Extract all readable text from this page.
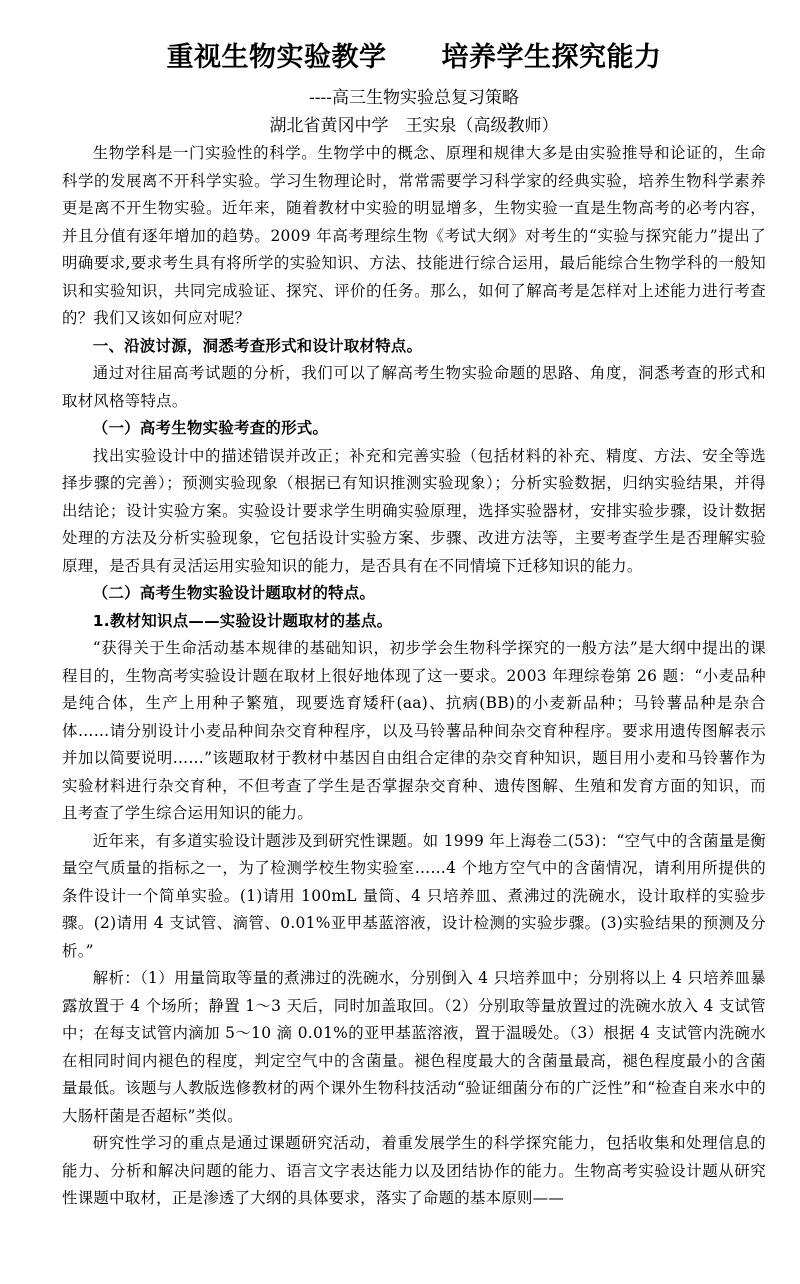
重视生物实验教学　　培养学生探究能力

----高三生物实验总复习策略

湖北省黄冈中学　王实泉（高级教师）

生物学科是一门实验性的科学。生物学中的概念、原理和规律大多是由实验推导和论证的，生命科学的发展离不开科学实验。学习生物理论时，常常需要学习科学家的经典实验，培养生物科学素养更是离不开生物实验。近年来，随着教材中实验的明显增多，生物实验一直是生物高考的必考内容，并且分值有逐年增加的趋势。2009 年高考理综生物《考试大纲》对考生的“实验与探究能力”提出了明确要求,要求考生具有将所学的实验知识、方法、技能进行综合运用，最后能综合生物学科的一般知识和实验知识，共同完成验证、探究、评价的任务。那么，如何了解高考是怎样对上述能力进行考查的？我们又该如何应对呢？

一、沿波讨源，洞悉考查形式和设计取材特点。

通过对往届高考试题的分析，我们可以了解高考生物实验命题的思路、角度，洞悉考查的形式和取材风格等特点。

（一）高考生物实验考查的形式。

找出实验设计中的描述错误并改正；补充和完善实验（包括材料的补充、精度、方法、安全等选择步骤的完善）；预测实验现象（根据已有知识推测实验现象）；分析实验数据，归纳实验结果，并得出结论；设计实验方案。实验设计要求学生明确实验原理，选择实验器材，安排实验步骤，设计数据处理的方法及分析实验现象，它包括设计实验方案、步骤、改进方法等，主要考查学生是否理解实验原理，是否具有灵活运用实验知识的能力，是否具有在不同情境下迁移知识的能力。

（二）高考生物实验设计题取材的特点。

1.教材知识点——实验设计题取材的基点。

“获得关于生命活动基本规律的基础知识，初步学会生物科学探究的一般方法”是大纲中提出的课程目的，生物高考实验设计题在取材上很好地体现了这一要求。2003 年理综卷第 26 题：“小麦品种是纯合体，生产上用种子繁殖，现要选育矮秆(aa)、抗病(BB)的小麦新品种；马铃薯品种是杂合体……请分别设计小麦品种间杂交育种程序，以及马铃薯品种间杂交育种程序。要求用遗传图解表示并加以简要说明……”该题取材于教材中基因自由组合定律的杂交育种知识，题目用小麦和马铃薯作为实验材料进行杂交育种，不但考查了学生是否掌握杂交育种、遗传图解、生殖和发育方面的知识，而且考查了学生综合运用知识的能力。

近年来，有多道实验设计题涉及到研究性课题。如 1999 年上海卷二(53)：“空气中的含菌量是衡量空气质量的指标之一，为了检测学校生物实验室……4 个地方空气中的含菌情况，请利用所提供的条件设计一个简单实验。(1)请用 100mL 量筒、4 只培养皿、煮沸过的洗碗水，设计取样的实验步骤。(2)请用 4 支试管、滴管、0.01%亚甲基蓝溶液，设计检测的实验步骤。(3)实验结果的预测及分析。”

解析：（1）用量筒取等量的煮沸过的洗碗水，分别倒入 4 只培养皿中；分别将以上 4 只培养皿暴露放置于 4 个场所；静置 1～3 天后，同时加盖取回。（2）分别取等量放置过的洗碗水放入 4 支试管中；在每支试管内滴加 5～10 滴 0.01%的亚甲基蓝溶液，置于温暖处。（3）根据 4 支试管内洗碗水在相同时间内褪色的程度，判定空气中的含菌量。褪色程度最大的含菌量最高，褪色程度最小的含菌量最低。该题与人教版选修教材的两个课外生物科技活动“验证细菌分布的广泛性”和“检查自来水中的大肠杆菌是否超标”类似。

研究性学习的重点是通过课题研究活动，着重发展学生的科学探究能力，包括收集和处理信息的能力、分析和解决问题的能力、语言文字表达能力以及团结协作的能力。生物高考实验设计题从研究性课题中取材，正是渗透了大纲的具体要求，落实了命题的基本原则——
